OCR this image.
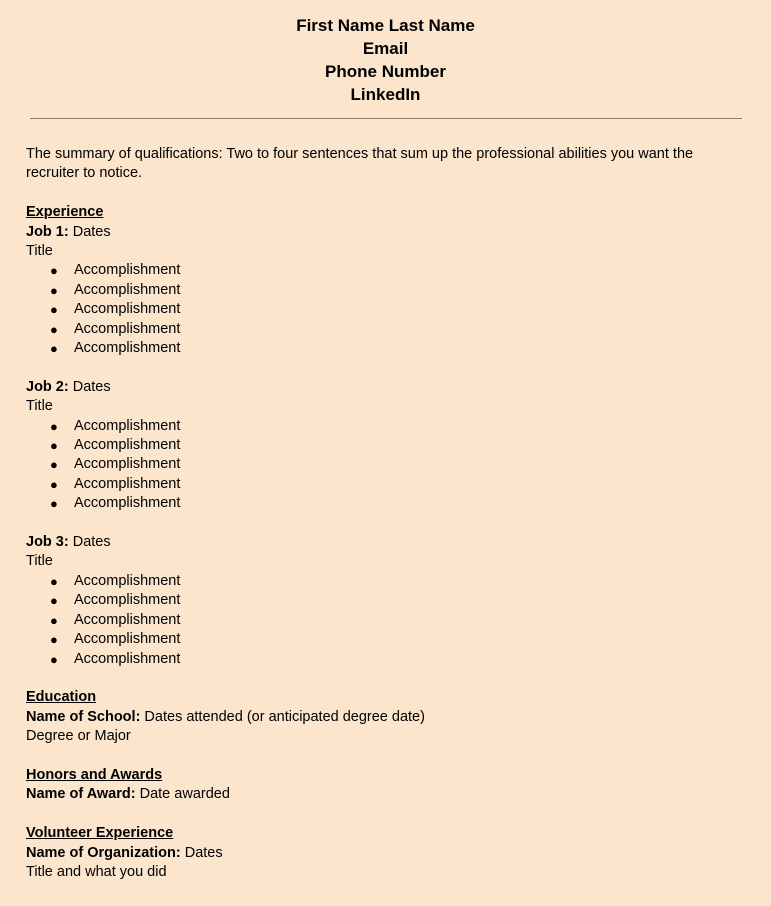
First Name Last Name
Email
Phone Number
LinkedIn

The summary of qualifications: Two to four sentences that sum up the professional abilities you want the recruiter to notice.

Experience
Job 1: Dates
Title
● Accomplishment
● Accomplishment
● Accomplishment
● Accomplishment
● Accomplishment
Job 2: Dates
Title
● Accomplishment
● Accomplishment
● Accomplishment
● Accomplishment
● Accomplishment
Job 3: Dates
Title
● Accomplishment
● Accomplishment
● Accomplishment
● Accomplishment
● Accomplishment
Education
Name of School: Dates attended (or anticipated degree date)
Degree or Major
Honors and Awards
Name of Award: Date awarded
Volunteer Experience
Name of Organization: Dates
Title and what you did
